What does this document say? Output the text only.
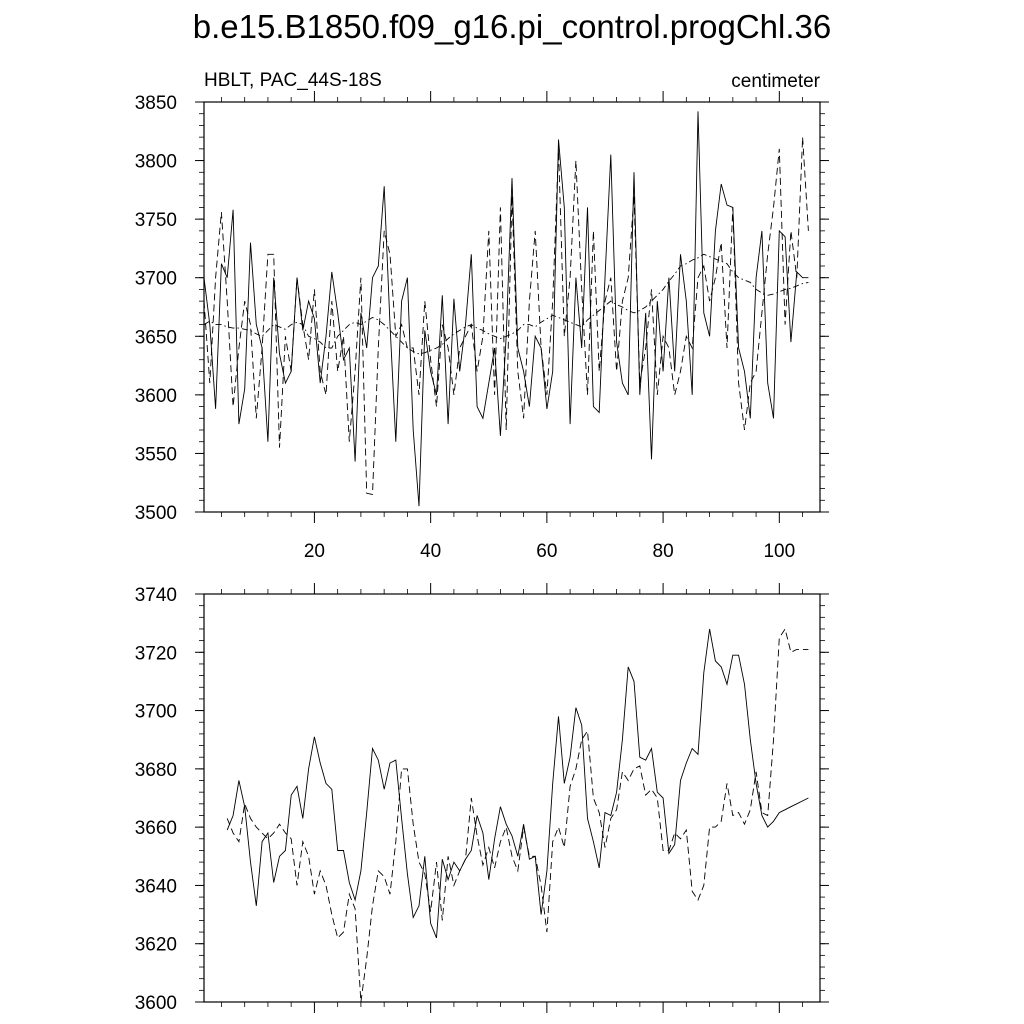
b.e15.B1850.f09_g16.pi_control.progChl.36
HBLT, PAC_44S-18S	centimeter
3500
3550
3600
3650
3700
3750
3800
3850
20	40	60	80	100
3600
3620
3640
3660
3680
3700
3720
3740
